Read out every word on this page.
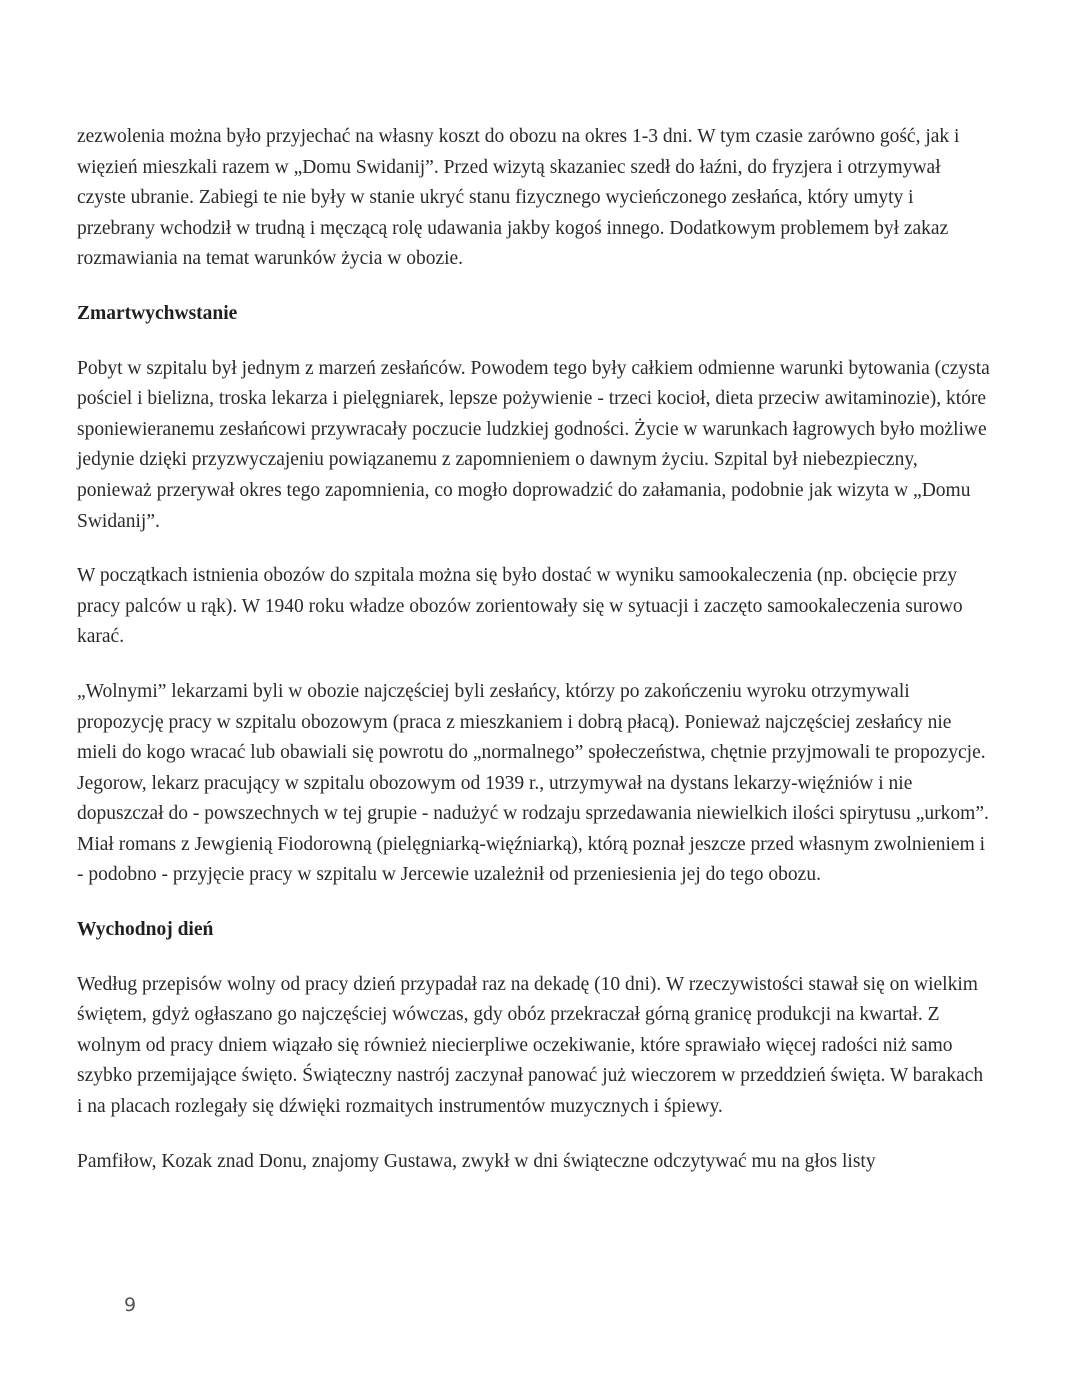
zezwolenia można było przyjechać na własny koszt do obozu na okres 1-3 dni. W tym czasie zarówno gość, jak i więzień mieszkali razem w „Domu Swidanij”. Przed wizytą skazaniec szedł do łaźni, do fryzjera i otrzymywał czyste ubranie. Zabiegi te nie były w stanie ukryć stanu fizycznego wycieńczonego zesłańca, który umyty i przebrany wchodził w trudną i męczącą rolę udawania jakby kogoś innego. Dodatkowym problemem był zakaz rozmawiania na temat warunków życia w obozie.

Zmartwychwstanie

Pobyt w szpitalu był jednym z marzeń zesłańców. Powodem tego były całkiem odmienne warunki bytowania (czysta pościel i bielizna, troska lekarza i pielęgniarek, lepsze pożywienie - trzeci kocioł, dieta przeciw awitaminozie), które sponiewieranemu zesłańcowi przywracały poczucie ludzkiej godności. Życie w warunkach łagrowych było możliwe jedynie dzięki przyzwyczajeniu powiązanemu z zapomnieniem o dawnym życiu. Szpital był niebezpieczny, ponieważ przerywał okres tego zapomnienia, co mogło doprowadzić do załamania, podobnie jak wizyta w „Domu Swidanij”.

W początkach istnienia obozów do szpitala można się było dostać w wyniku samookaleczenia (np. obcięcie przy pracy palców u rąk). W 1940 roku władze obozów zorientowały się w sytuacji i zaczęto samookaleczenia surowo karać.

„Wolnymi” lekarzami byli w obozie najczęściej byli zesłańcy, którzy po zakończeniu wyroku otrzymywali propozycję pracy w szpitalu obozowym (praca z mieszkaniem i dobrą płacą). Ponieważ najczęściej zesłańcy nie mieli do kogo wracać lub obawiali się powrotu do „normalnego” społeczeństwa, chętnie przyjmowali te propozycje. Jegorow, lekarz pracujący w szpitalu obozowym od 1939 r., utrzymywał na dystans lekarzy-więźniów i nie dopuszczał do - powszechnych w tej grupie - nadużyć w rodzaju sprzedawania niewielkich ilości spirytusu „urkom”. Miał romans z Jewgienią Fiodorowną (pielęgniarką-więźniarką), którą poznał jeszcze przed własnym zwolnieniem i - podobno - przyjęcie pracy w szpitalu w Jercewie uzależnił od przeniesienia jej do tego obozu.

Wychodnoj dień

Według przepisów wolny od pracy dzień przypadał raz na dekadę (10 dni). W rzeczywistości stawał się on wielkim świętem, gdyż ogłaszano go najczęściej wówczas, gdy obóz przekraczał górną granicę produkcji na kwartał. Z wolnym od pracy dniem wiązało się również niecierpliwe oczekiwanie, które sprawiało więcej radości niż samo szybko przemijające święto. Świąteczny nastrój zaczynał panować już wieczorem w przeddzień święta. W barakach i na placach rozlegały się dźwięki rozmaitych instrumentów muzycznych i śpiewy.

Pamfiłow, Kozak znad Donu, znajomy Gustawa, zwykł w dni świąteczne odczytywać mu na głos listy

9
